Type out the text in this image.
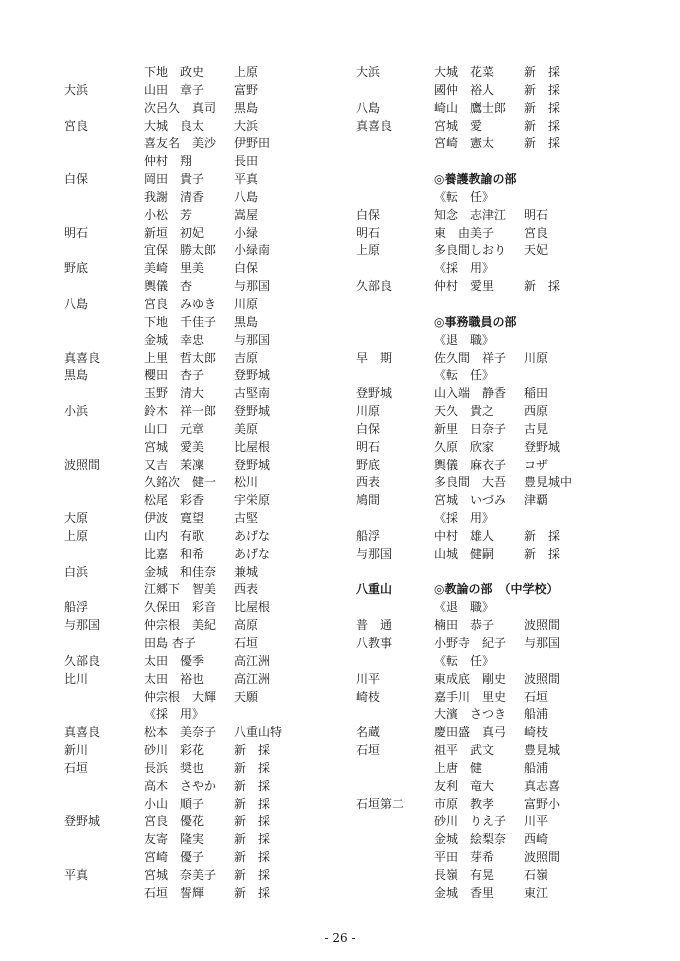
下地　政史 上原
大浜	山田　章子 富野
次呂久　真司 黒島
宮良	大城　良太 大浜
喜友名　美沙 伊野田
仲村　翔	長田
白保	岡田　貴子 平真
我謝　清香 八島
小松　芳	嵩屋
明石	新垣　初妃 小緑
宜保　勝太郎 小緑南
野底	美崎　里美 白保
輿儀　杏	与那国
八島	宮良　みゆき 川原
下地　千佳子 黒島
金城　幸忠 与那国
真喜良	上里　哲太郎 吉原
黒島	櫻田　杏子 登野城
玉野　清大 古堅南
小浜	鈴木　祥一郎 登野城
山口　元章 美原
宮城　愛美 比屋根
波照間	又吉　茉凜 登野城
久銘次　健一 松川
松尾　彩香 宇栄原
大原	伊波　寛望 古堅
上原	山内　有歌 あげな
比嘉　和希 あげな
白浜	金城　和佳奈 兼城
江郷下　智美 西表
船浮	久保田　彩音 比屋根
与那国	仲宗根　美紀 高原
田島 杏子	石垣
久部良	太田　優季 高江洲
比川	太田　裕也 高江洲
仲宗根　大輝 天願
《採　用》
真喜良	松本　美奈子 八重山特
新川	砂川　彩花 新　採
石垣	長浜　奨也 新　採
高木　さやか 新　採
小山　順子 新　採
登野城	宮良　優花 新　採
友寄　隆実 新　採
宮崎　優子 新　採
平真	宮城　奈美子 新　採
石垣　誓輝 新　採
大浜	大城　花菜 新　採
國仲　裕人 新　採
八島	崎山　鷹士郎 新　採
真喜良	宮城　愛	新　採
宮崎　憲太 新　採
◎養護教諭の部
《転　任》
白保	知念　志津江 明石
明石	東　由美子 宮良
上原	多良間しおり 天妃
《採　用》
久部良	仲村　愛里 新　採
◎事務職員の部
《退　職》
早　期	佐久間　祥子 川原
《転　任》
登野城	山入端　静香 稲田
川原	天久　貴之 西原
白保	新里　日奈子 古見
明石	久原　欣家 登野城
野底	輿儀　麻衣子 コザ
西表	多良間　大吾 豊見城中
鳩間	宮城　いづみ 津覇
《採　用》
船浮	中村　雄人 新　採
与那国	山城　健嗣 新　採
八重山	◎教論の部　（中学校）
《退　職》
普　通	楠田　恭子 波照間
八教事	小野寺　紀子 与那国
《転　任》
川平	東成底　剛史 波照間
崎枝	嘉手川　里史 石垣
大濱　さつき 船浦
名蔵	慶田盛　真弓 崎枝
石垣	祖平　武文 豊見城
上唐　健	船浦
友利　竜大 真志喜
石垣第二 市原　教孝 富野小
砂川　りえ子 川平
金城　絵梨奈 西崎
平田　芽希 波照間
長嶺　有晃 石嶺
金城　香里 東江
- 26 -
